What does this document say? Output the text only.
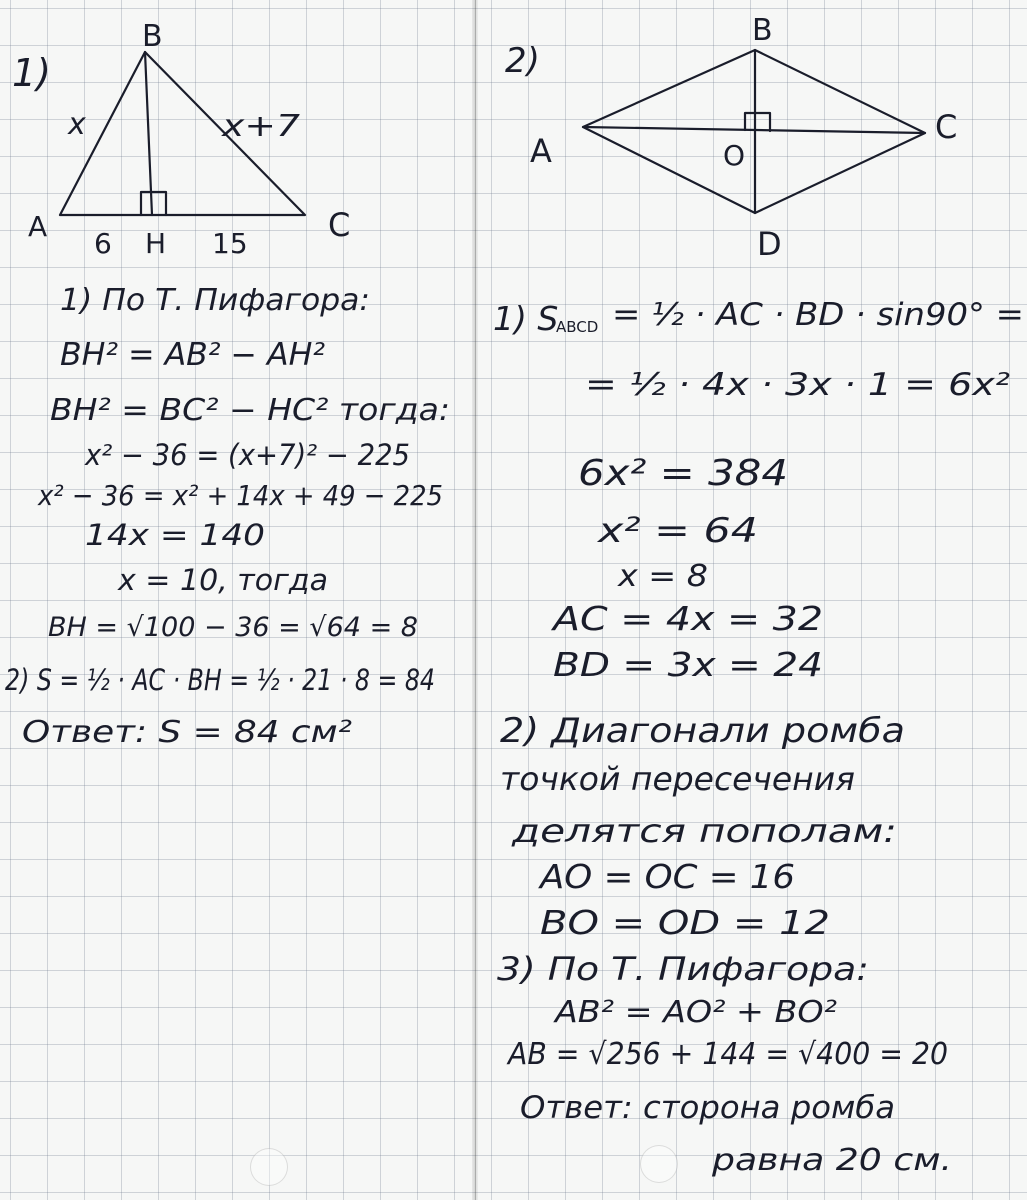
1)
B
A	C
H
x	x+7
6	15
1) По Т. Пифагора:
BH² = AB² − AH²
BH² = BC² − HC² тогда:
x² − 36 = (x+7)² − 225
x² − 36 = x² + 14x + 49 − 225
14x = 140
x = 10, тогда
BH = √100 − 36 = √64 = 8
2) S = ½ · AC · BH = ½ · 21 · 8 = 84
Ответ: S = 84 см²
2)
B
A
C
D
O
1) S
ABCD = ½ · AC · BD · sin90° =
= ½ · 4x · 3x · 1 = 6x²
6x² = 384
x² = 64
x = 8
AC = 4x = 32
BD = 3x = 24
2) Диагонали ромба
точкой пересечения
делятся пополам:
AO = OC = 16
BO = OD = 12
3) По Т. Пифагора:
AB² = AO² + BO²
AB = √256 + 144 = √400 = 20
Ответ: сторона ромба
равна 20 см.
